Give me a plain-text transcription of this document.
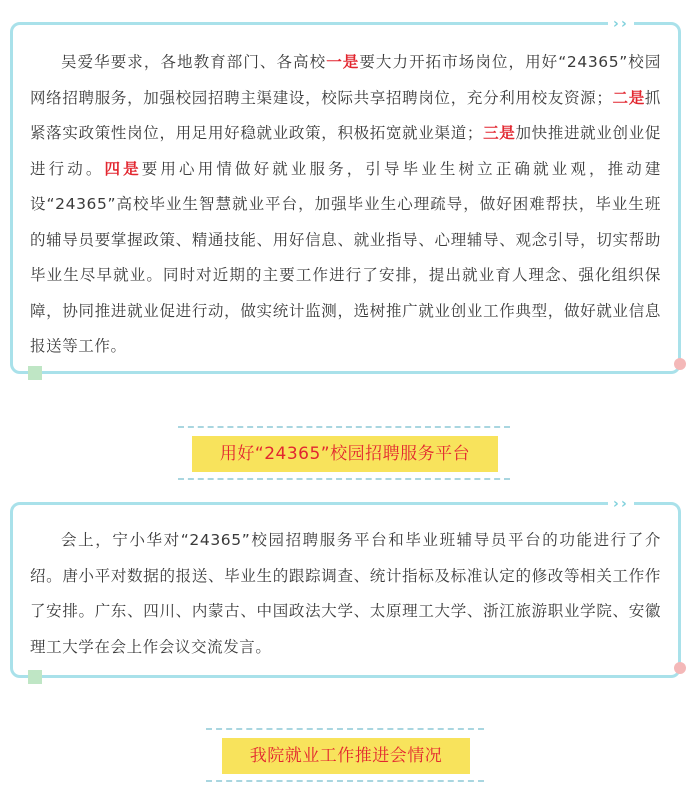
吴爱华要求，各地教育部门、各高校一是要大力开拓市场岗位，用好“24365”校园网络招聘服务，加强校园招聘主渠建设，校际共享招聘岗位，充分利用校友资源；二是抓紧落实政策性岗位，用足用好稳就业政策，积极拓宽就业渠道；三是加快推进就业创业促进行动。四是要用心用情做好就业服务，引导毕业生树立正确就业观，推动建设“24365”高校毕业生智慧就业平台，加强毕业生心理疏导，做好困难帮扶，毕业生班的辅导员要掌握政策、精通技能、用好信息、就业指导、心理辅导、观念引导，切实帮助毕业生尽早就业。同时对近期的主要工作进行了安排，提出就业育人理念、强化组织保障，协同推进就业促进行动，做实统计监测，选树推广就业创业工作典型，做好就业信息报送等工作。

› ›
用好“24365”校园招聘服务平台

会上，宁小华对“24365”校园招聘服务平台和毕业班辅导员平台的功能进行了介绍。唐小平对数据的报送、毕业生的跟踪调查、统计指标及标准认定的修改等相关工作作了安排。广东、四川、内蒙古、中国政法大学、太原理工大学、浙江旅游职业学院、安徽理工大学在会上作会议交流发言。

› ›
我院就业工作推进会情况
